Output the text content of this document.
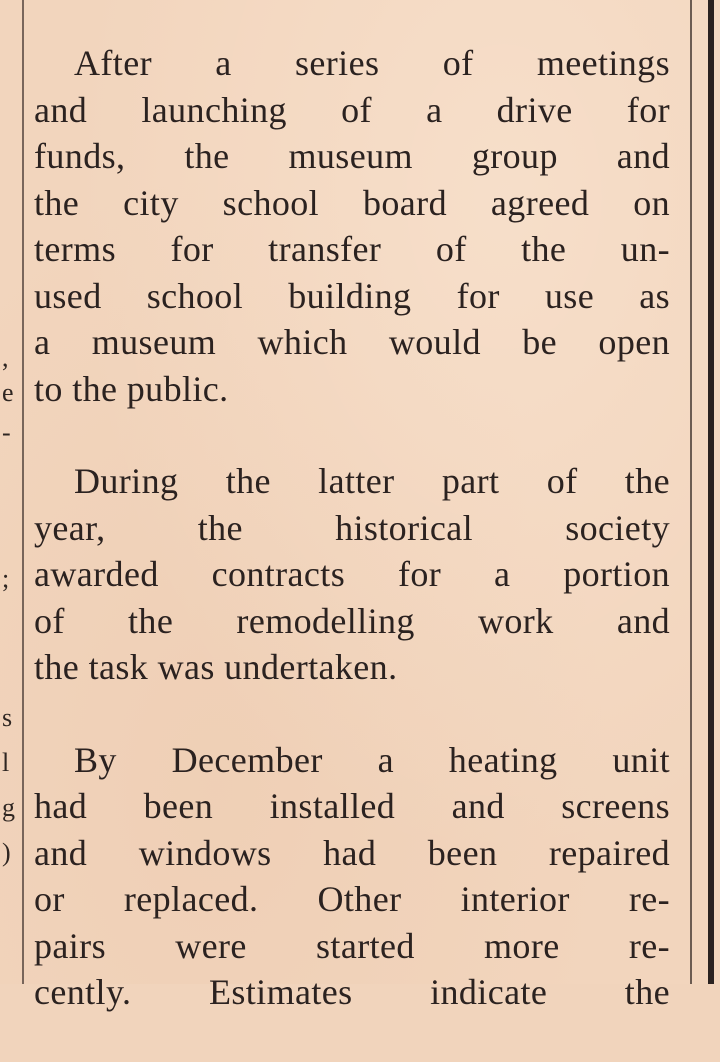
,
e
-
;
s
l
g
)
After a series of meetings
and launching of a drive for
funds, the museum group and
the city school board agreed on
terms for transfer of the un-
used school building for use as
a museum which would be open
to the public.
During the latter part of the
year, the historical society
awarded contracts for a portion
of the remodelling work and
the task was undertaken.
By December a heating unit
had been installed and screens
and windows had been repaired
or replaced. Other interior re-
pairs were started more re-
cently. Estimates indicate the
